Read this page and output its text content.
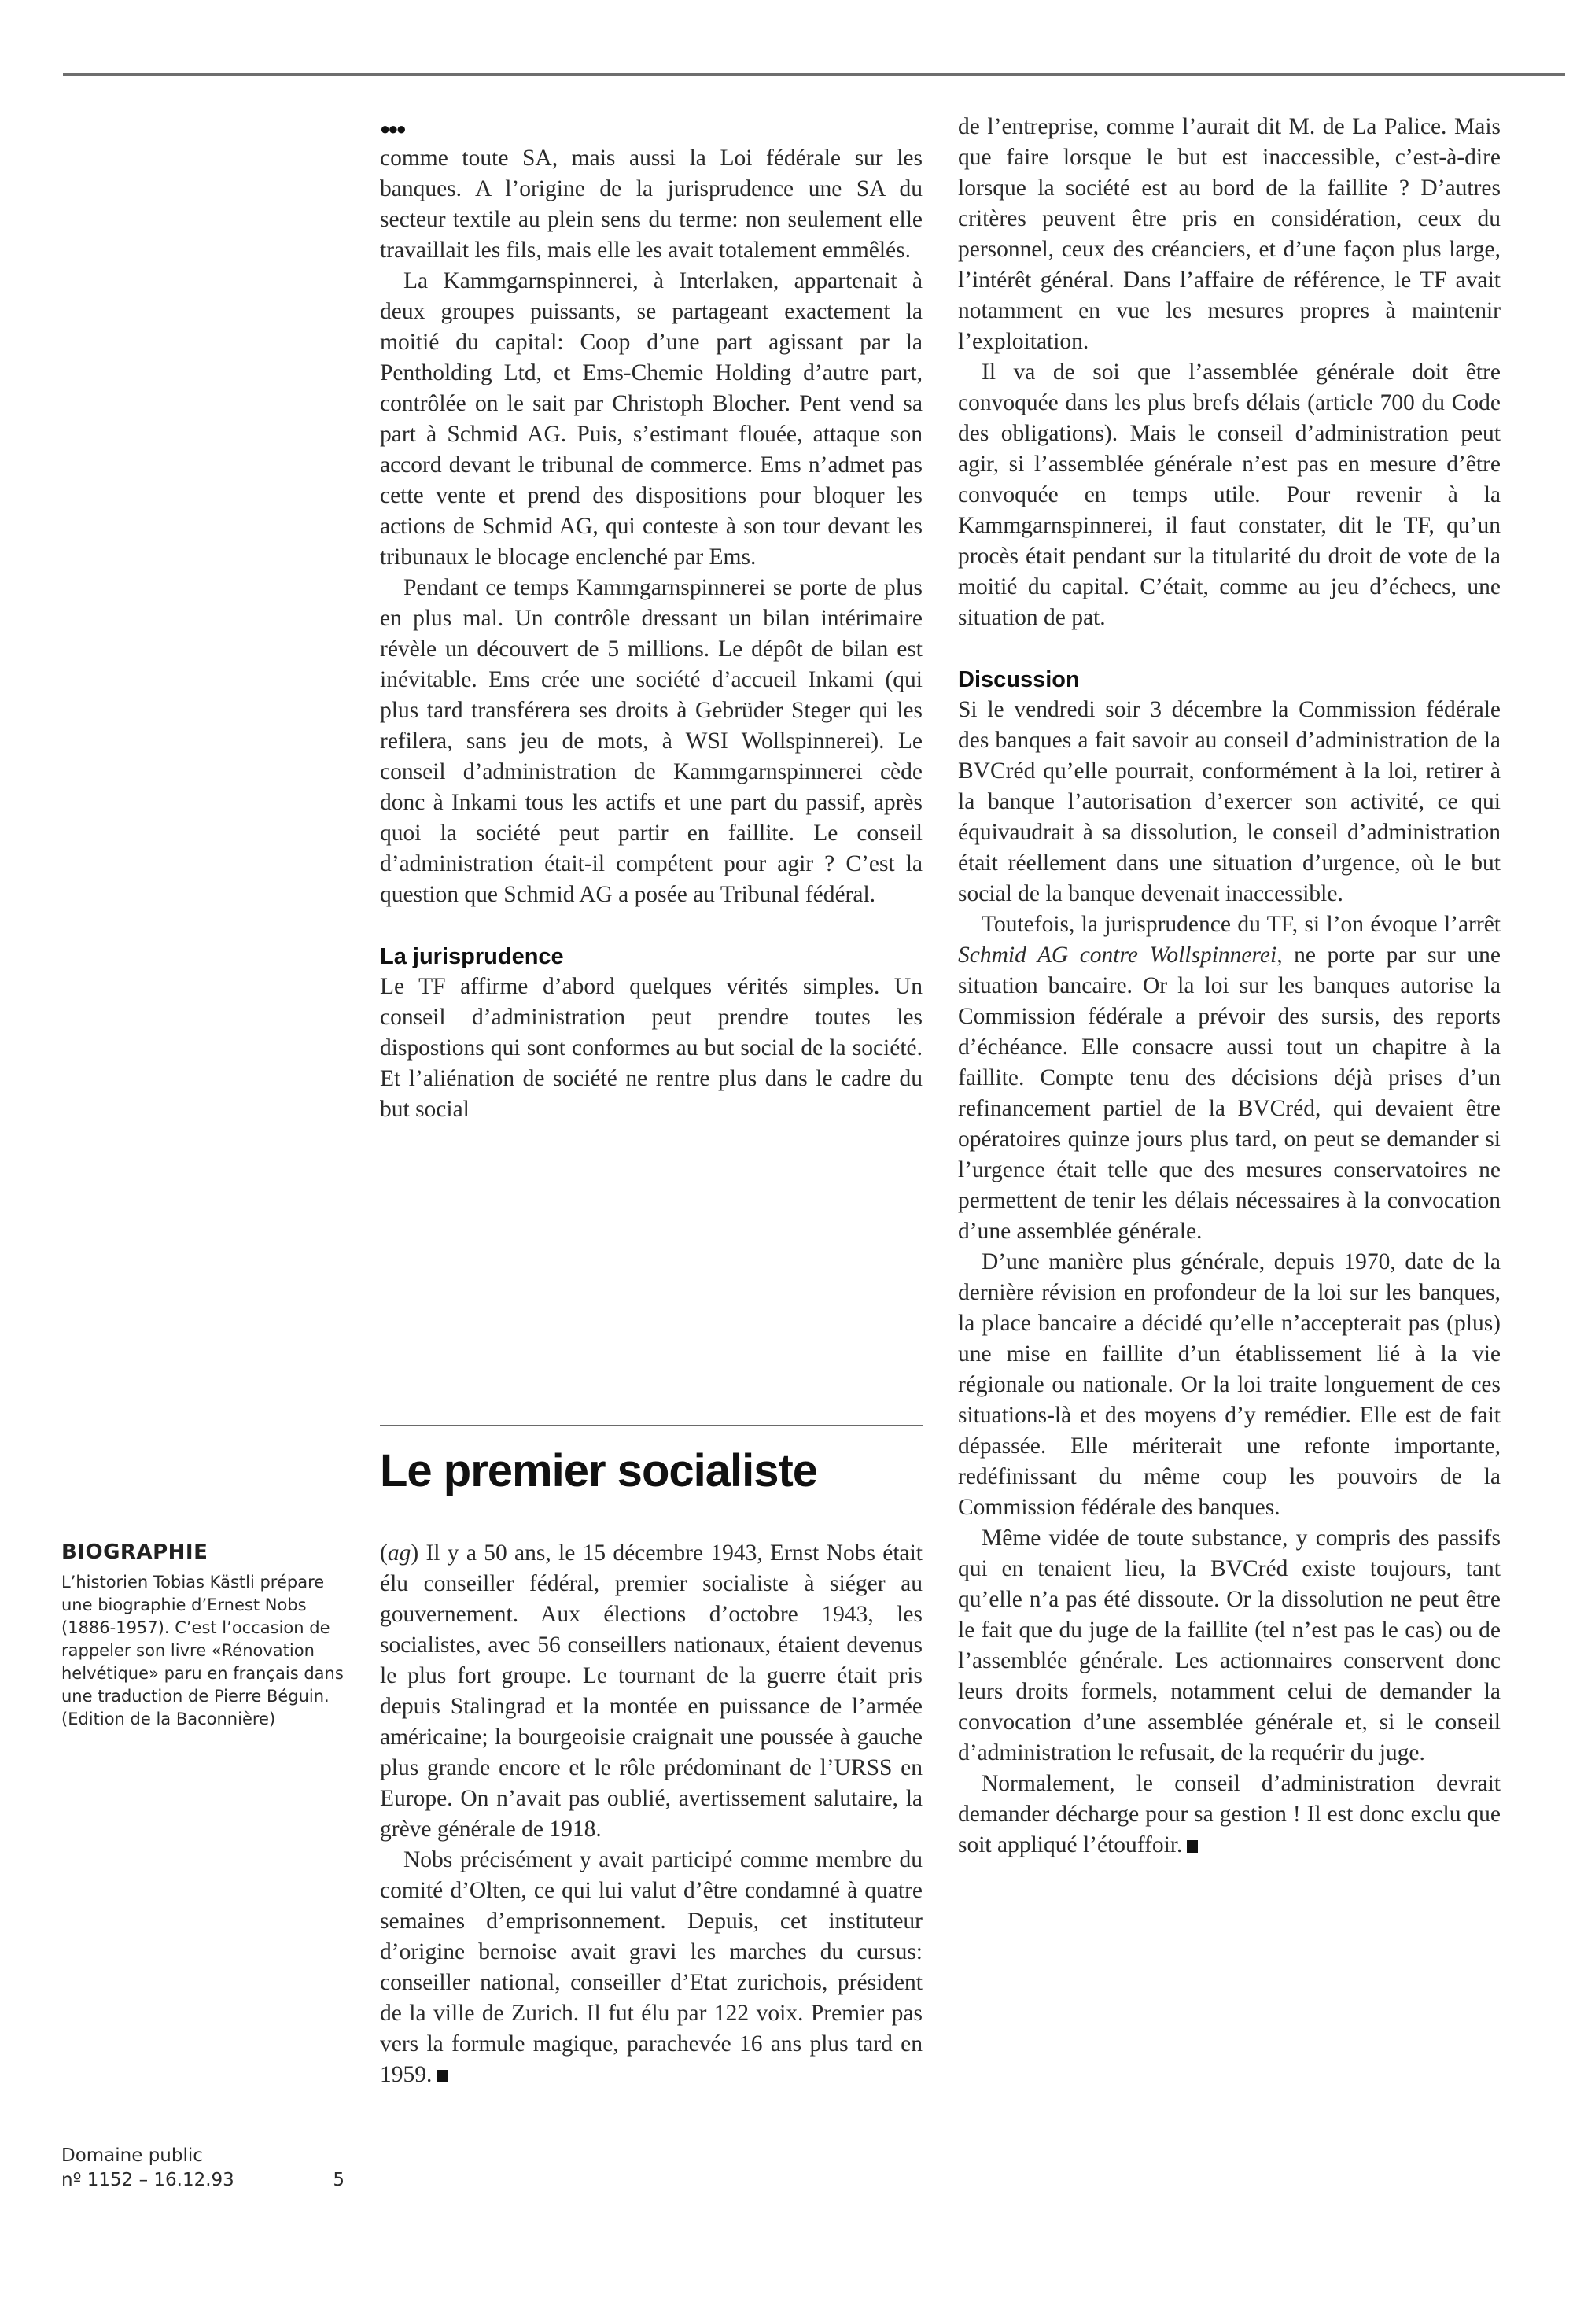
●●●

comme toute SA, mais aussi la Loi fédérale sur les banques. A l’origine de la jurisprudence une SA du secteur textile au plein sens du terme: non seulement elle travaillait les fils, mais elle les avait totalement emmêlés.

La Kammgarnspinnerei, à Interlaken, appartenait à deux groupes puissants, se partageant exactement la moitié du capital: Coop d’une part agissant par la Pentholding Ltd, et Ems-Chemie Holding d’autre part, contrôlée on le sait par Christoph Blocher. Pent vend sa part à Schmid AG. Puis, s’estimant flouée, attaque son accord devant le tribunal de commerce. Ems n’admet pas cette vente et prend des dispositions pour bloquer les actions de Schmid AG, qui conteste à son tour devant les tribunaux le blocage enclenché par Ems.

Pendant ce temps Kammgarnspinnerei se porte de plus en plus mal. Un contrôle dressant un bilan intérimaire révèle un découvert de 5 millions. Le dépôt de bilan est inévitable. Ems crée une société d’accueil Inkami (qui plus tard transférera ses droits à Gebrüder Steger qui les refilera, sans jeu de mots, à WSI Wollspinnerei). Le conseil d’administration de Kammgarnspinnerei cède donc à Inkami tous les actifs et une part du passif, après quoi la société peut partir en faillite. Le conseil d’administration était-il compétent pour agir ? C’est la question que Schmid AG a posée au Tribunal fédéral.

La jurisprudence

Le TF affirme d’abord quelques vérités simples. Un conseil d’administration peut prendre toutes les dispostions qui sont conformes au but social de la société. Et l’aliénation de société ne rentre plus dans le cadre du but social

de l’entreprise, comme l’aurait dit M. de La Palice. Mais que faire lorsque le but est inaccessible, c’est-à-dire lorsque la société est au bord de la faillite ? D’autres critères peuvent être pris en considération, ceux du personnel, ceux des créanciers, et d’une façon plus large, l’intérêt général. Dans l’affaire de référence, le TF avait notamment en vue les mesures propres à maintenir l’exploitation.

Il va de soi que l’assemblée générale doit être convoquée dans les plus brefs délais (article 700 du Code des obligations). Mais le conseil d’administration peut agir, si l’assemblée générale n’est pas en mesure d’être convoquée en temps utile. Pour revenir à la Kammgarnspinnerei, il faut constater, dit le TF, qu’un procès était pendant sur la titularité du droit de vote de la moitié du capital. C’était, comme au jeu d’échecs, une situation de pat.

Discussion

Si le vendredi soir 3 décembre la Commission fédérale des banques a fait savoir au conseil d’administration de la BVCréd qu’elle pourrait, conformément à la loi, retirer à la banque l’autorisation d’exercer son activité, ce qui équivaudrait à sa dissolution, le conseil d’administration était réellement dans une situation d’urgence, où le but social de la banque devenait inaccessible.

Toutefois, la jurisprudence du TF, si l’on évoque l’arrêt Schmid AG contre Wollspinnerei, ne porte par sur une situation bancaire. Or la loi sur les banques autorise la Commission fédérale a prévoir des sursis, des reports d’échéance. Elle consacre aussi tout un chapitre à la faillite. Compte tenu des décisions déjà prises d’un refinancement partiel de la BVCréd, qui devaient être opératoires quinze jours plus tard, on peut se demander si l’urgence était telle que des mesures conservatoires ne permettent de tenir les délais nécessaires à la convocation d’une assemblée générale.

D’une manière plus générale, depuis 1970, date de la dernière révision en profondeur de la loi sur les banques, la place bancaire a décidé qu’elle n’accepterait pas (plus) une mise en faillite d’un établissement lié à la vie régionale ou nationale. Or la loi traite longuement de ces situations-là et des moyens d’y remédier. Elle est de fait dépassée. Elle mériterait une refonte importante, redéfinissant du même coup les pouvoirs de la Commission fédérale des banques.

Même vidée de toute substance, y compris des passifs qui en tenaient lieu, la BVCréd existe toujours, tant qu’elle n’a pas été dissoute. Or la dissolution ne peut être le fait que du juge de la faillite (tel n’est pas le cas) ou de l’assemblée générale. Les actionnaires conservent donc leurs droits formels, notamment celui de demander la convocation d’une assemblée générale et, si le conseil d’administration le refusait, de la requérir du juge.

Normalement, le conseil d’administration devrait demander décharge pour sa gestion ! Il est donc exclu que soit appliqué l’étouffoir.

Le premier socialiste

(ag) Il y a 50 ans, le 15 décembre 1943, Ernst Nobs était élu conseiller fédéral, premier socialiste à siéger au gouvernement. Aux élections d’octobre 1943, les socialistes, avec 56 conseillers nationaux, étaient devenus le plus fort groupe. Le tournant de la guerre était pris depuis Stalingrad et la montée en puissance de l’armée américaine; la bourgeoisie craignait une poussée à gauche plus grande encore et le rôle prédominant de l’URSS en Europe. On n’avait pas oublié, avertissement salutaire, la grève générale de 1918.

Nobs précisément y avait participé comme membre du comité d’Olten, ce qui lui valut d’être condamné à quatre semaines d’emprisonnement. Depuis, cet instituteur d’origine bernoise avait gravi les marches du cursus: conseiller national, conseiller d’Etat zurichois, président de la ville de Zurich. Il fut élu par 122 voix. Premier pas vers la formule magique, parachevée 16 ans plus tard en 1959.

BIOGRAPHIE

L’historien Tobias Kästli prépare une biographie d’Ernest Nobs (1886-1957). C’est l’occasion de rappeler son livre «Rénovation helvétique» paru en français dans une traduction de Pierre Béguin. (Edition de la Baconnière)

Domaine public
nº 1152 – 16.12.93	5
